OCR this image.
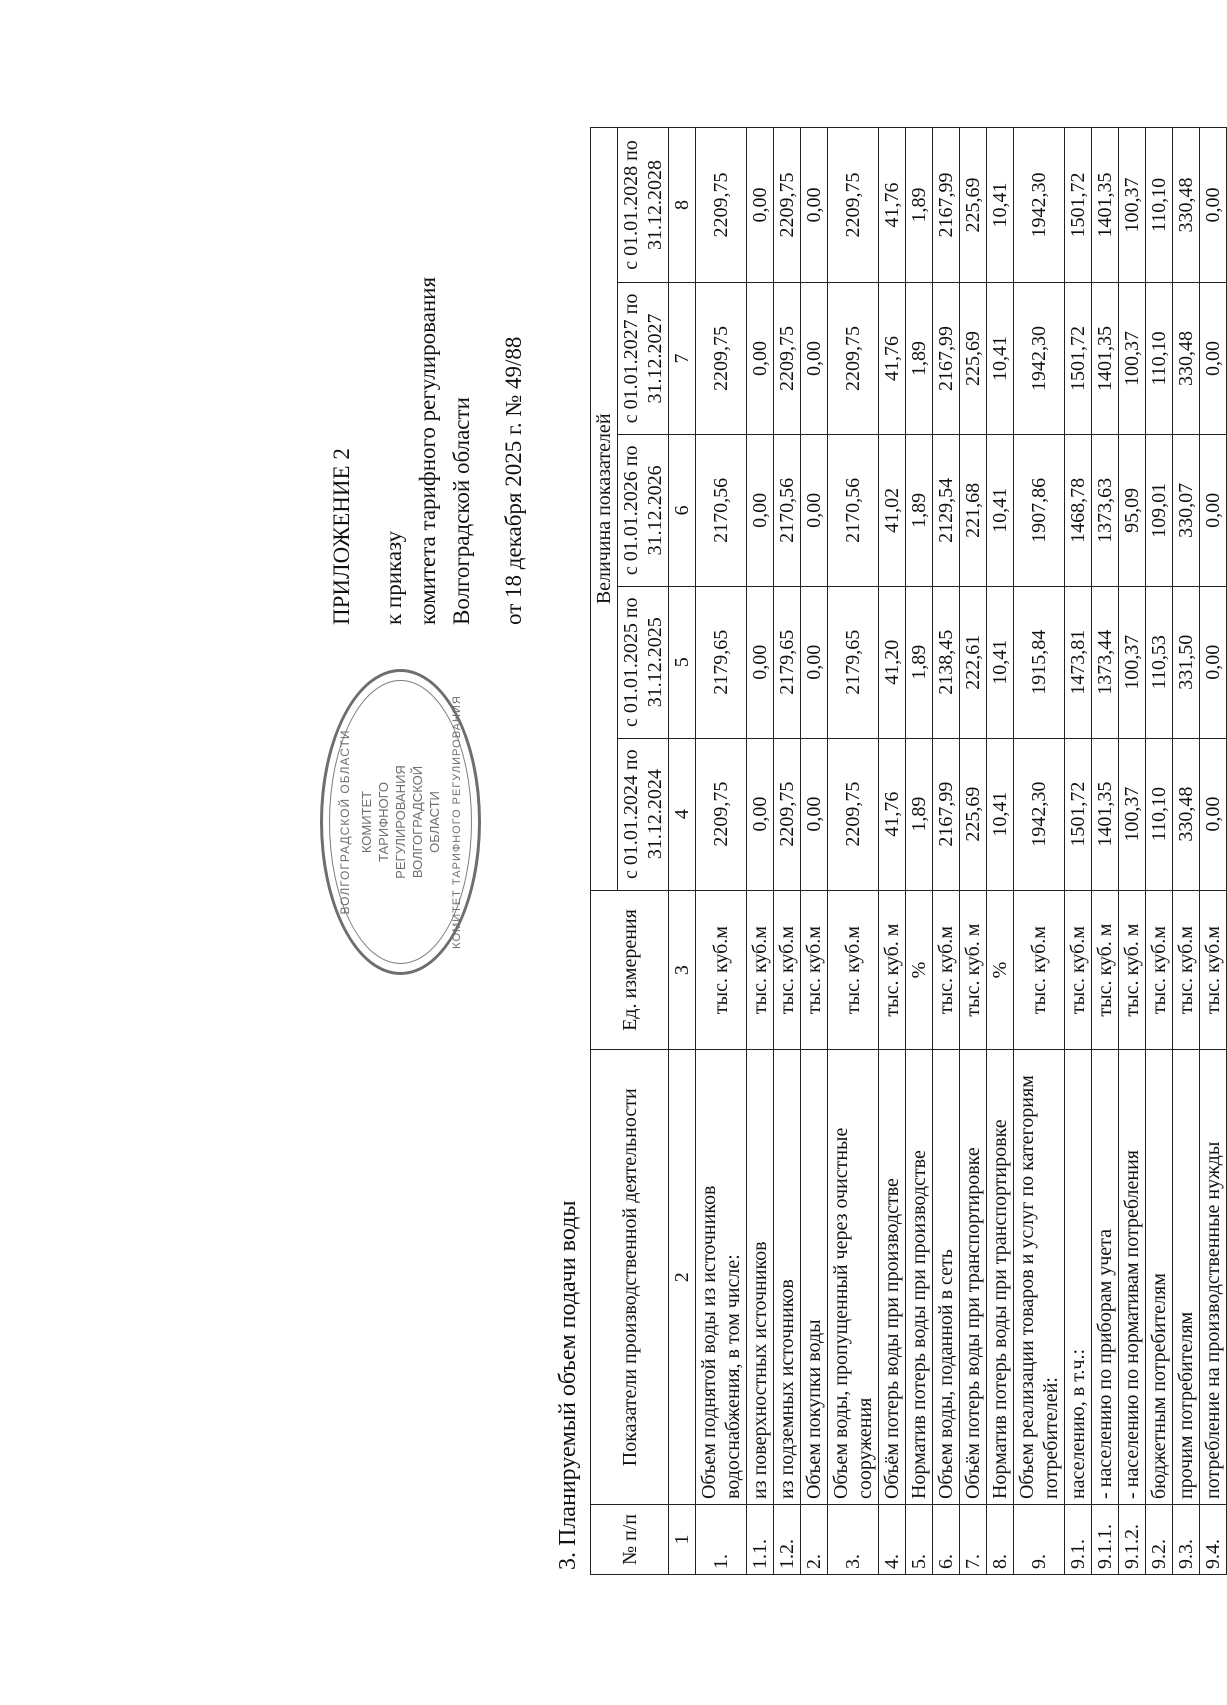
ВОЛГОГРАДСКОЙ ОБЛАСТИ КОМИТЕТ ТАРИФНОГО РЕГУЛИРОВАНИЯ ВОЛГОГРАДСКОЙ ОБЛАСТИ КОМИТЕТ ТАРИФНОГО РЕГУЛИРОВАНИЯ
ПРИЛОЖЕНИЕ 2 к приказу комитета тарифного регулирования Волгоградской области от 18 декабря 2025 г. № 49/88
3. Планируемый объем подачи воды № п/п	Показатели производственной деятельности	Ед. измерения	Величина показателей				
			с 01.01.2024 по 31.12.2024	с 01.01.2025 по 31.12.2025	с 01.01.2026 по 31.12.2026	с 01.01.2027 по 31.12.2027	с 01.01.2028 по 31.12.2028
1	2	3	4	5	6	7	8
1.	Объем поднятой воды из источников водоснабжения, в том числе:	тыс. куб.м	2209,75	2179,65	2170,56	2209,75	2209,75
1.1.	из поверхностных источников	тыс. куб.м	0,00	0,00	0,00	0,00	0,00
1.2.	из подземных источников	тыс. куб.м	2209,75	2179,65	2170,56	2209,75	2209,75
2.	Объем покупки воды	тыс. куб.м	0,00	0,00	0,00	0,00	0,00
3.	Объем воды, пропущенный через очистные сооружения	тыс. куб.м	2209,75	2179,65	2170,56	2209,75	2209,75
4.	Объём потерь воды при производстве	тыс. куб. м	41,76	41,20	41,02	41,76	41,76
5.	Норматив потерь воды при производстве	%	1,89	1,89	1,89	1,89	1,89
6.	Объем воды, поданной в сеть	тыс. куб.м	2167,99	2138,45	2129,54	2167,99	2167,99
7.	Объём потерь воды при транспортировке	тыс. куб. м	225,69	222,61	221,68	225,69	225,69
8.	Норматив потерь воды при транспортировке	%	10,41	10,41	10,41	10,41	10,41
9.	Объем реализации товаров и услуг по категориям потребителей:	тыс. куб.м	1942,30	1915,84	1907,86	1942,30	1942,30
9.1.	населению, в т.ч.:	тыс. куб.м	1501,72	1473,81	1468,78	1501,72	1501,72
9.1.1.	- населению по приборам учета	тыс. куб. м	1401,35	1373,44	1373,63	1401,35	1401,35
9.1.2.	- населению по нормативам потребления	тыс. куб. м	100,37	100,37	95,09	100,37	100,37
9.2.	бюджетным потребителям	тыс. куб.м	110,10	110,53	109,01	110,10	110,10
9.3.	прочим потребителям	тыс. куб.м	330,48	331,50	330,07	330,48	330,48
9.4.	потребление на производственные нужды	тыс. куб.м	0,00	0,00	0,00	0,00	0,00
